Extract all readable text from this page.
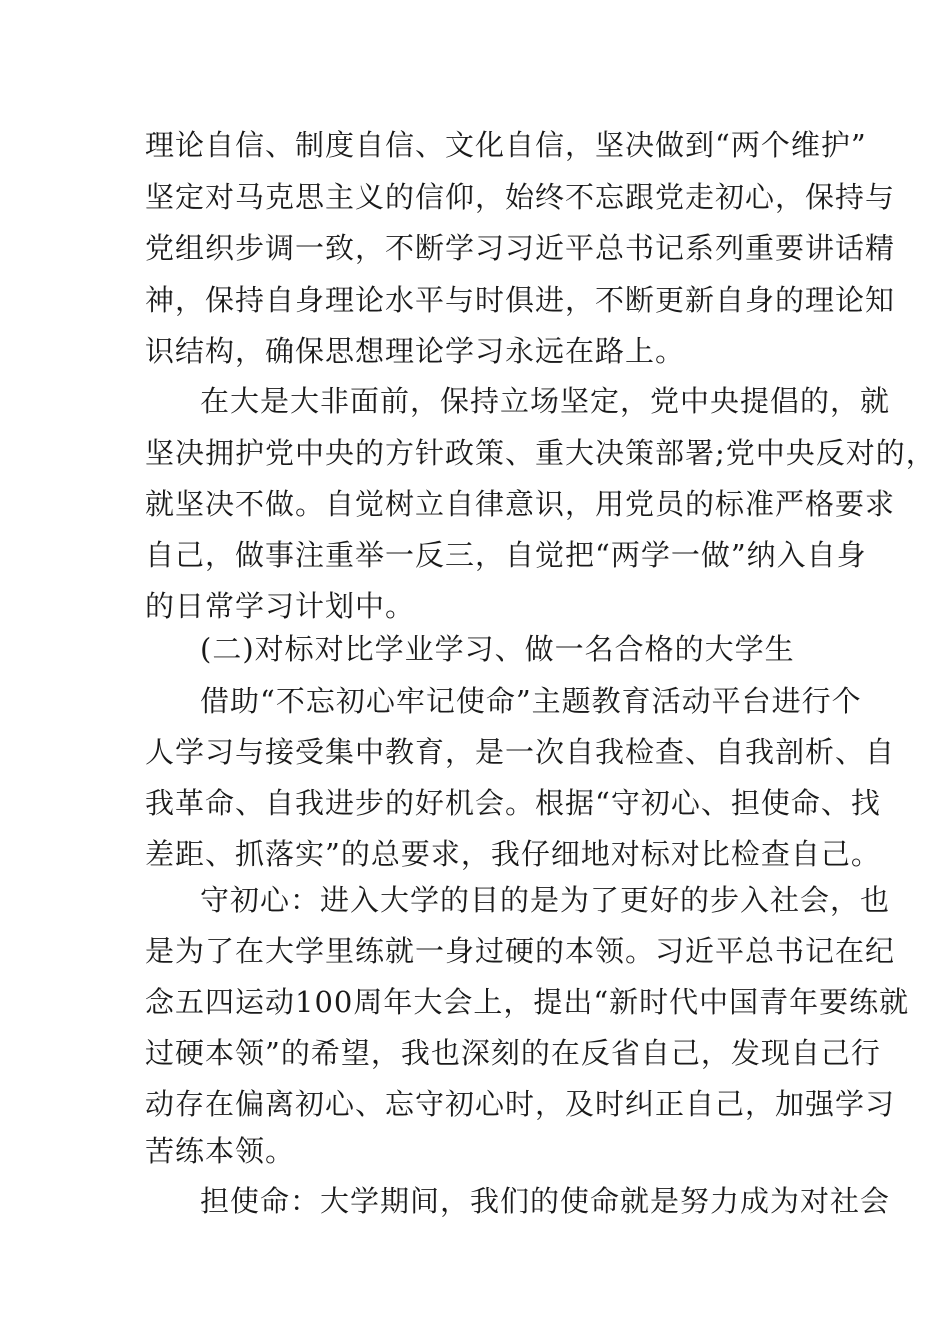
理论自信、制度自信、文化自信，坚决做到“两个维护”
坚定对马克思主义的信仰，始终不忘跟党走初心，保持与
党组织步调一致，不断学习习近平总书记系列重要讲话精
神，保持自身理论水平与时俱进，不断更新自身的理论知
识结构，确保思想理论学习永远在路上。
在大是大非面前，保持立场坚定，党中央提倡的，就
坚决拥护党中央的方针政策、重大决策部署;党中央反对的，
就坚决不做。自觉树立自律意识，用党员的标准严格要求
自己，做事注重举一反三，自觉把“两学一做”纳入自身
的日常学习计划中。
(二)对标对比学业学习、做一名合格的大学生
借助“不忘初心牢记使命”主题教育活动平台进行个
人学习与接受集中教育，是一次自我检查、自我剖析、自
我革命、自我进步的好机会。根据“守初心、担使命、找
差距、抓落实”的总要求，我仔细地对标对比检查自己。
守初心：进入大学的目的是为了更好的步入社会，也
是为了在大学里练就一身过硬的本领。习近平总书记在纪
念五四运动100周年大会上，提出“新时代中国青年要练就
过硬本领”的希望，我也深刻的在反省自己，发现自己行
动存在偏离初心、忘守初心时，及时纠正自己，加强学习
苦练本领。
担使命：大学期间，我们的使命就是努力成为对社会
